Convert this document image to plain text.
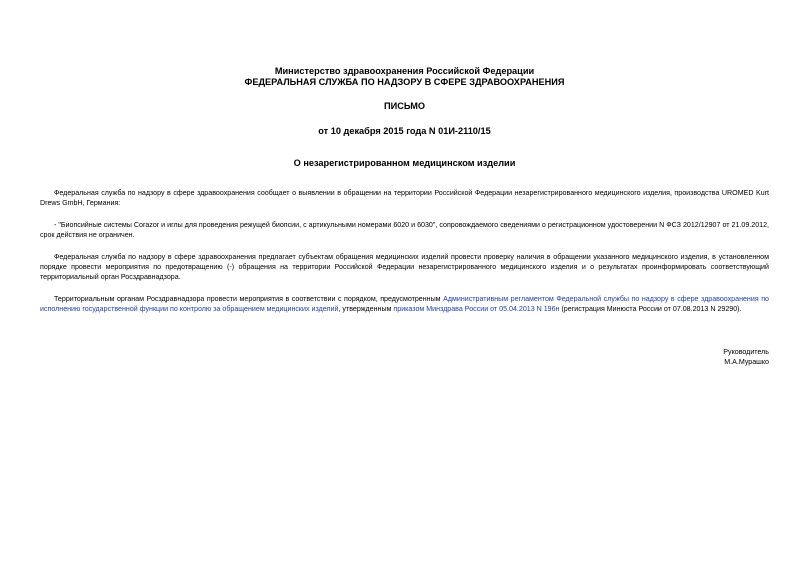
Министерство здравоохранения Российской Федерации
ФЕДЕРАЛЬНАЯ СЛУЖБА ПО НАДЗОРУ В СФЕРЕ ЗДРАВООХРАНЕНИЯ
ПИСЬМО
от 10 декабря 2015 года N 01И-2110/15
О незарегистрированном медицинском изделии

Федеральная служба по надзору в сфере здравоохранения сообщает о выявлении в обращении на территории Российской Федерации незарегистрированного медицинского изделия, производства UROMED Kurt Drews GmbH, Германия:

- "Биопсийные системы Corazor и иглы для проведения режущей биопсии, с артикульными номерами 6020 и 6030", сопровождаемого сведениями о регистрационном удостоверении N ФСЗ 2012/12907 от 21.09.2012, срок действия не ограничен.

Федеральная служба по надзору в сфере здравоохранения предлагает субъектам обращения медицинских изделий провести проверку наличия в обращении указанного медицинского изделия, в установленном порядке провести мероприятия по предотвращению (-) обращения на территории Российской Федерации незарегистрированного медицинского изделия и о результатах проинформировать соответствующий территориальный орган Росздравнадзора.

Территориальным органам Росздравнадзора провести мероприятия в соответствии с порядком, предусмотренным Административным регламентом Федеральной службы по надзору в сфере здравоохранения по исполнению государственной функции по контролю за обращением медицинских изделий, утвержденным приказом Минздрава России от 05.04.2013 N 196н (регистрация Минюста России от 07.08.2013 N 29290).

Руководитель
М.А.Мурашко
